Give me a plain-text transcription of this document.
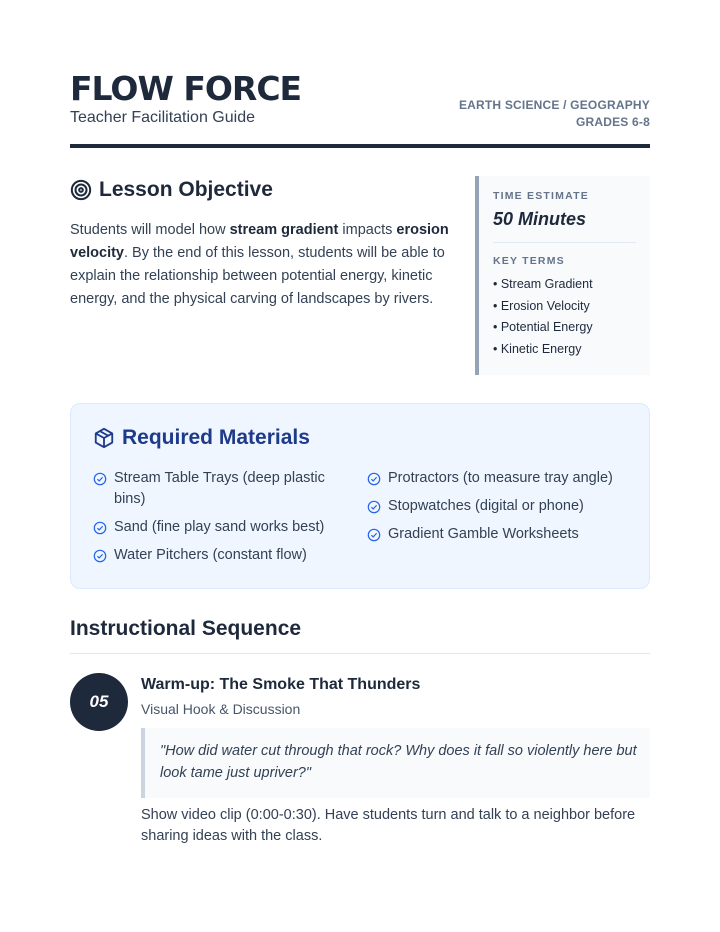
FLOW FORCE
Teacher Facilitation Guide
EARTH SCIENCE / GEOGRAPHY
GRADES 6-8
Lesson Objective

Students will model how stream gradient impacts erosion velocity. By the end of this lesson, students will be able to explain the relationship between potential energy, kinetic energy, and the physical carving of landscapes by rivers.

TIME ESTIMATE
50 Minutes
KEY TERMS
• Stream Gradient
• Erosion Velocity
• Potential Energy
• Kinetic Energy
Required Materials
Stream Table Trays (deep plastic bins)
Sand (fine play sand works best)
Water Pitchers (constant flow)
Protractors (to measure tray angle)
Stopwatches (digital or phone)
Gradient Gamble Worksheets
Instructional Sequence
05
Warm-up: The Smoke That Thunders
Visual Hook & Discussion
"How did water cut through that rock? Why does it fall so violently here but look tame just upriver?"
Show video clip (0:00-0:30). Have students turn and talk to a neighbor before sharing ideas with the class.
